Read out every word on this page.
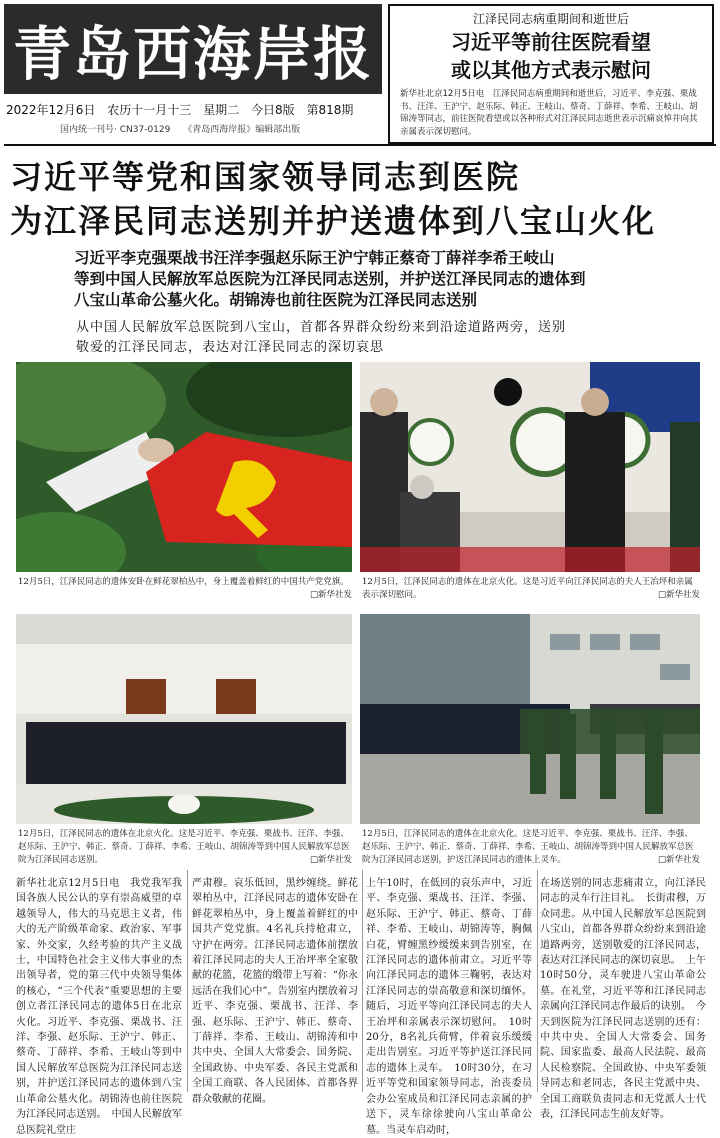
青岛西海岸报
2022年12月6日 农历十一月十三 星期二 今日8版 第818期
国内统一刊号· CN37-0129 《青岛西海岸报》编辑部出版
江泽民同志病重期间和逝世后
习近平等前往医院看望
或以其他方式表示慰问
新华社北京12月5日电　江泽民同志病重期间和逝世后，习近平、李克强、栗战书、汪洋、王沪宁、赵乐际、韩正、王岐山、蔡奇、丁薛祥、李希、王岐山、胡锦涛等同志，前往医院看望或以各种形式对江泽民同志逝世表示沉痛哀悼并向其亲属表示深切慰问。
习近平等党和国家领导同志到医院
为江泽民同志送别并护送遗体到八宝山火化
习近平李克强栗战书汪洋李强赵乐际王沪宁韩正蔡奇丁薛祥李希王岐山
等到中国人民解放军总医院为江泽民同志送别，并护送江泽民同志的遗体到
八宝山革命公墓火化。胡锦涛也前往医院为江泽民同志送别
从中国人民解放军总医院到八宝山，首都各界群众纷纷来到沿途道路两旁，送别
敬爱的江泽民同志，表达对江泽民同志的深切哀思
12月5日，江泽民同志的遗体安卧在鲜花翠柏丛中，身上覆盖着鲜红的中国共产党党旗。
□新华社发
12月5日，江泽民同志的遗体在北京火化。这是习近平向江泽民同志的夫人王冶坪和亲属表示深切慰问。	□新华社发
12月5日，江泽民同志的遗体在北京火化。这是习近平、李克强、栗战书、汪洋、李强、赵乐际、王沪宁、韩正、蔡奇、丁薛祥、李希、王岐山、胡锦涛等到中国人民解放军总医院为江泽民同志送别。	□新华社发
12月5日，江泽民同志的遗体在北京火化。这是习近平、李克强、栗战书、汪洋、李强、赵乐际、王沪宁、韩正、蔡奇、丁薛祥、李希、王岐山、胡锦涛等到中国人民解放军总医院为江泽民同志送别，护送江泽民同志的遗体上灵车。	□新华社发
新华社北京12月5日电　我党我军我国各族人民公认的享有崇高威望的卓越领导人，伟大的马克思主义者，伟大的无产阶级革命家、政治家、军事家、外交家，久经考验的共产主义战士，中国特色社会主义伟大事业的杰出领导者，党的第三代中央领导集体的核心，“三个代表”重要思想的主要创立者江泽民同志的遗体5日在北京火化。习近平、李克强、栗战书、汪洋、李强、赵乐际、王沪宁、韩正、蔡奇、丁薛祥、李希、王岐山等到中国人民解放军总医院为江泽民同志送别，并护送江泽民同志的遗体到八宝山革命公墓火化。胡锦涛也前往医院为江泽民同志送别。　中国人民解放军总医院礼堂庄
严肃穆。哀乐低回，黑纱缠绕。鲜花翠柏丛中，江泽民同志的遗体安卧在鲜花翠柏丛中，身上覆盖着鲜红的中国共产党党旗。4名礼兵持枪肃立，守护在两旁。江泽民同志遗体前摆放着江泽民同志的夫人王冶坪率全家敬献的花篮，花篮的缎带上写着：“你永远活在我们心中”。告别室内摆放着习近平、李克强、栗战书、汪洋、李强、赵乐际、王沪宁、韩正、蔡奇、丁薛祥、李希、王岐山、胡锦涛和中共中央、全国人大常委会、国务院、全国政协、中央军委、各民主党派和全国工商联、各人民团体、首都各界群众敬献的花圈。
上午10时，在低回的哀乐声中，习近平、李克强、栗战书、汪洋、李强、赵乐际、王沪宁、韩正、蔡奇、丁薛祥、李希、王岐山、胡锦涛等，胸佩白花，臂缠黑纱缓缓来到告别室，在江泽民同志的遗体前肃立。习近平等向江泽民同志的遗体三鞠躬，表达对江泽民同志的崇高敬意和深切缅怀。随后，习近平等向江泽民同志的夫人王冶坪和亲属表示深切慰问。　10时20分，8名礼兵荷臂，伴着哀乐缓缓走出告别室。习近平等护送江泽民同志的遗体上灵车。　10时30分，在习近平等党和国家领导同志，治丧委员会办公室成员和江泽民同志亲属的护送下，灵车徐徐驶向八宝山革命公墓。当灵车启动时，
在场送别的同志悲痛肃立，向江泽民同志的灵车行注目礼。　长街肃穆，万众同悲。从中国人民解放军总医院到八宝山，首都各界群众纷纷来到沿途道路两旁，送别敬爱的江泽民同志，表达对江泽民同志的深切哀思。　上午10时50分，灵车驶进八宝山革命公墓。在礼堂，习近平等和江泽民同志亲属向江泽民同志作最后的诀别。　今天到医院为江泽民同志送别的还有：中共中央、全国人大常委会、国务院、国家监委、最高人民法院、最高人民检察院、全国政协、中央军委领导同志和老同志，各民主党派中央、全国工商联负责同志和无党派人士代表，江泽民同志生前友好等。
